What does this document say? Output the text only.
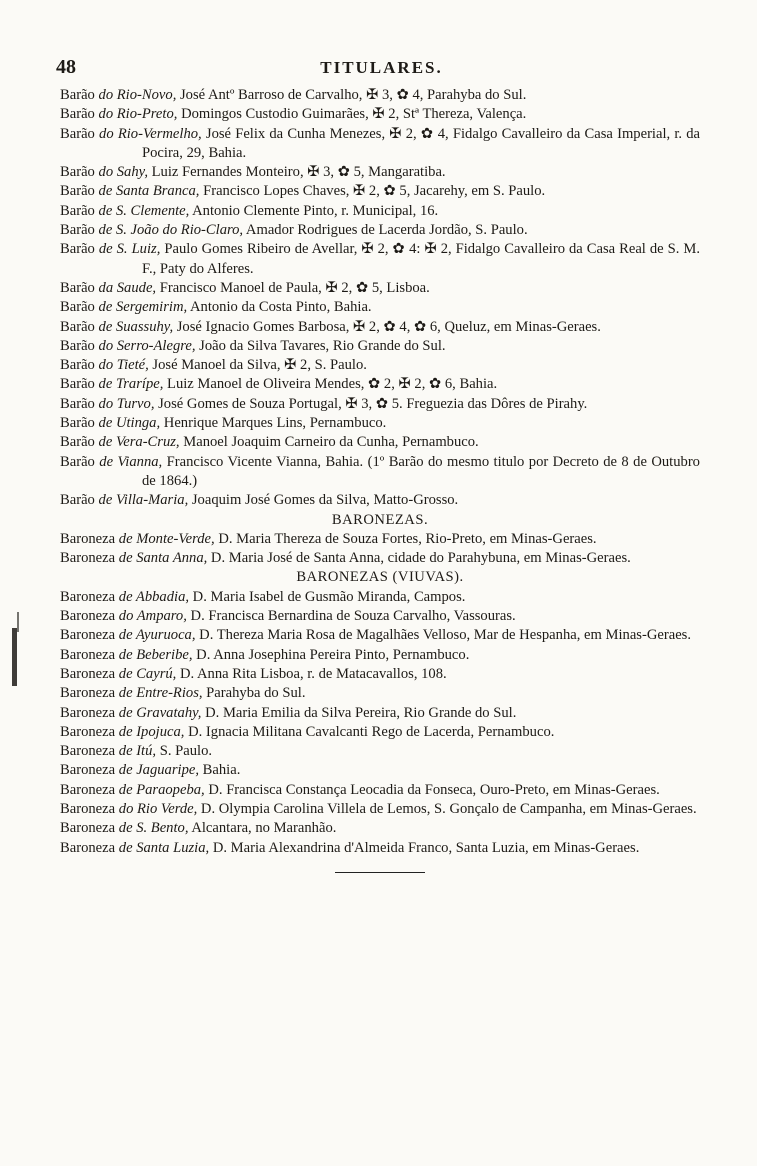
48	TITULARES.
Barão do Rio-Novo, José Antº Barroso de Carvalho, ✠ 3, ✿ 4, Parahyba do Sul.
Barão do Rio-Preto, Domingos Custodio Guimarães, ✠ 2, Stª Thereza, Valença.
Barão do Rio-Vermelho, José Felix da Cunha Menezes, ✠ 2, ✿ 4, Fidalgo Cavalleiro da Casa Imperial, r. da Pocira, 29, Bahia.
Barão do Sahy, Luiz Fernandes Monteiro, ✠ 3, ✿ 5, Mangaratiba.
Barão de Santa Branca, Francisco Lopes Chaves, ✠ 2, ✿ 5, Jacarehy, em S. Paulo.
Barão de S. Clemente, Antonio Clemente Pinto, r. Municipal, 16.
Barão de S. João do Rio-Claro, Amador Rodrigues de Lacerda Jordão, S. Paulo.
Barão de S. Luiz, Paulo Gomes Ribeiro de Avellar, ✠ 2, ✿ 4: ✠ 2, Fidalgo Cavalleiro da Casa Real de S. M. F., Paty do Alferes.
Barão da Saude, Francisco Manoel de Paula, ✠ 2, ✿ 5, Lisboa.
Barão de Sergemirim, Antonio da Costa Pinto, Bahia.
Barão de Suassuhy, José Ignacio Gomes Barbosa, ✠ 2, ✿ 4, ✿ 6, Queluz, em Minas-Geraes.
Barão do Serro-Alegre, João da Silva Tavares, Rio Grande do Sul.
Barão do Tieté, José Manoel da Silva, ✠ 2, S. Paulo.
Barão de Trarípe, Luiz Manoel de Oliveira Mendes, ✿ 2, ✠ 2, ✿ 6, Bahia.
Barão do Turvo, José Gomes de Souza Portugal, ✠ 3, ✿ 5. Freguezia das Dôres de Pirahy.
Barão de Utinga, Henrique Marques Lins, Pernambuco.
Barão de Vera-Cruz, Manoel Joaquim Carneiro da Cunha, Pernambuco.
Barão de Vianna, Francisco Vicente Vianna, Bahia. (1º Barão do mesmo titulo por Decreto de 8 de Outubro de 1864.)
Barão de Villa-Maria, Joaquim José Gomes da Silva, Matto-Grosso.
BARONEZAS.
Baroneza de Monte-Verde, D. Maria Thereza de Souza Fortes, Rio-Preto, em Minas-Geraes.
Baroneza de Santa Anna, D. Maria José de Santa Anna, cidade do Parahybuna, em Minas-Geraes.
BARONEZAS (VIUVAS).
Baroneza de Abbadia, D. Maria Isabel de Gusmão Miranda, Campos.
Baroneza do Amparo, D. Francisca Bernardina de Souza Carvalho, Vassouras.
Baroneza de Ayuruoca, D. Thereza Maria Rosa de Magalhães Velloso, Mar de Hespanha, em Minas-Geraes.
Baroneza de Beberibe, D. Anna Josephina Pereira Pinto, Pernambuco.
Baroneza de Cayrú, D. Anna Rita Lisboa, r. de Matacavallos, 108.
Baroneza de Entre-Rios, Parahyba do Sul.
Baroneza de Gravatahy, D. Maria Emilia da Silva Pereira, Rio Grande do Sul.
Baroneza de Ipojuca, D. Ignacia Militana Cavalcanti Rego de Lacerda, Pernambuco.
Baroneza de Itú, S. Paulo.
Baroneza de Jaguaripe, Bahia.
Baroneza de Paraopeba, D. Francisca Constança Leocadia da Fonseca, Ouro-Preto, em Minas-Geraes.
Baroneza do Rio Verde, D. Olympia Carolina Villela de Lemos, S. Gonçalo de Campanha, em Minas-Geraes.
Baroneza de S. Bento, Alcantara, no Maranhão.
Baroneza de Santa Luzia, D. Maria Alexandrina d'Almeida Franco, Santa Luzia, em Minas-Geraes.
